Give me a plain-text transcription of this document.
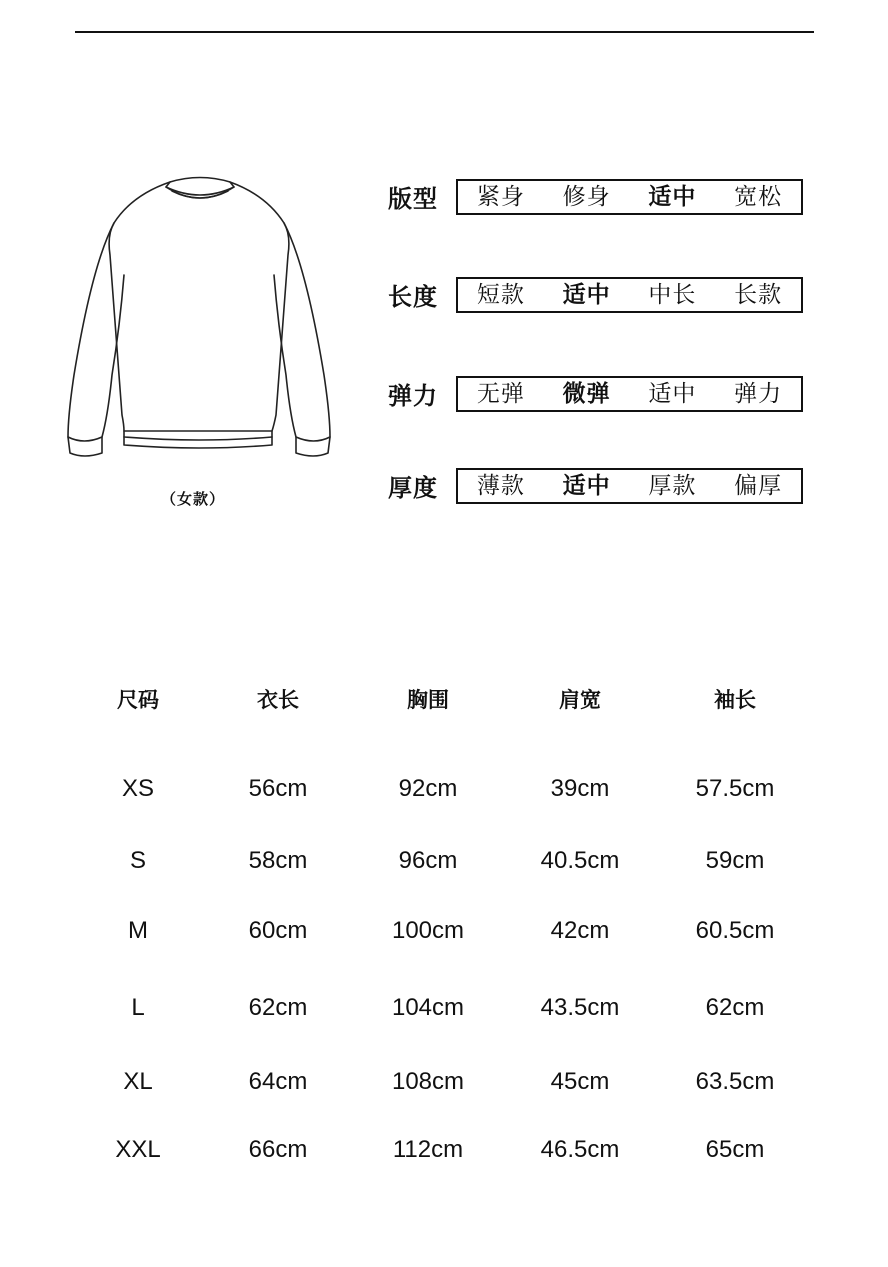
（女款）
版型	紧身	修身	适中	宽松
长度	短款	适中	中长	长款
弹力	无弹	微弹	适中	弹力
厚度	薄款	适中	厚款	偏厚
尺码	衣长	胸围	肩宽	袖长
XS	56cm	92cm	39cm	57.5cm
S	58cm	96cm	40.5cm	59cm
M	60cm	100cm	42cm	60.5cm
L	62cm	104cm	43.5cm	62cm
XL	64cm	108cm	45cm	63.5cm
XXL	66cm	112cm	46.5cm	65cm
